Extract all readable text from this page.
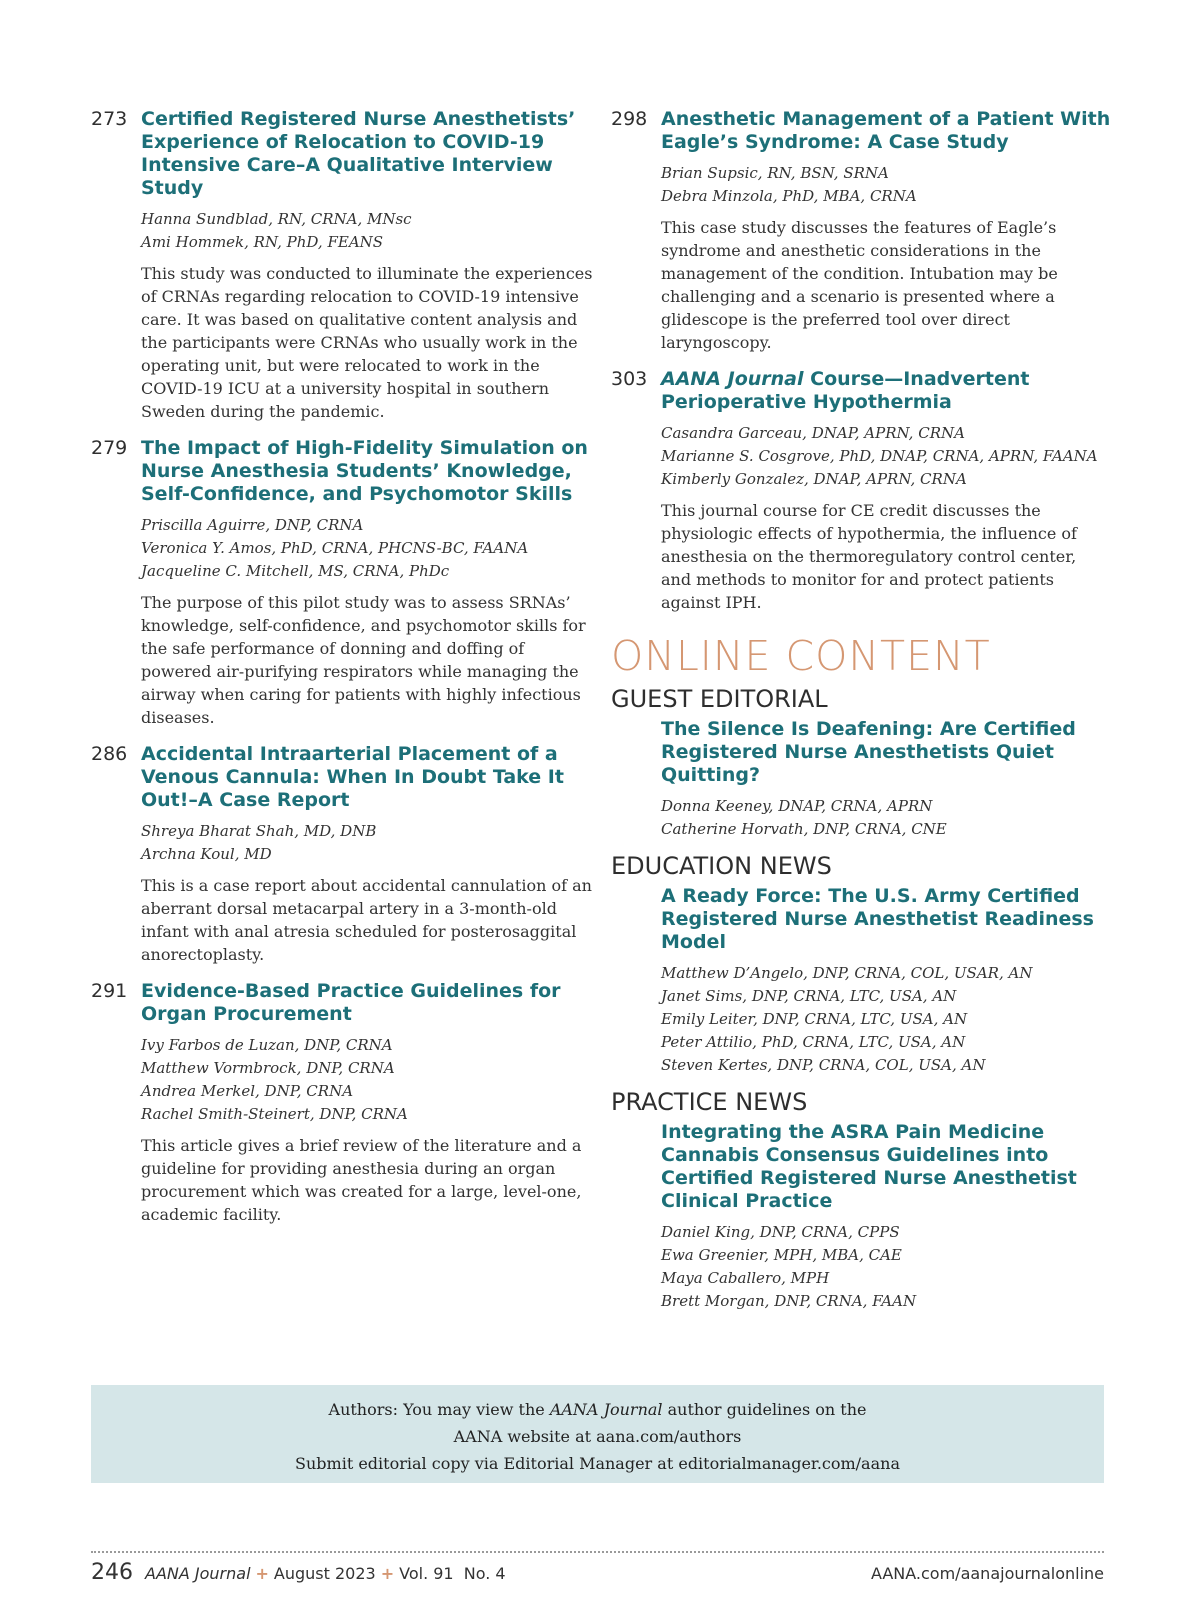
273 Certified Registered Nurse Anesthetists’ Experience of Relocation to COVID-19 Intensive Care–A Qualitative Interview Study

Hanna Sundblad, RN, CRNA, MNsc
Ami Hommek, RN, PhD, FEANS

This study was conducted to illuminate the experiences of CRNAs regarding relocation to COVID-19 intensive care. It was based on qualitative content analysis and the participants were CRNAs who usually work in the operating unit, but were relocated to work in the COVID-19 ICU at a university hospital in southern Sweden during the pandemic.

279 The Impact of High-Fidelity Simulation on Nurse Anesthesia Students’ Knowledge, Self-Confidence, and Psychomotor Skills

Priscilla Aguirre, DNP, CRNA
Veronica Y. Amos, PhD, CRNA, PHCNS-BC, FAANA
Jacqueline C. Mitchell, MS, CRNA, PhDc

The purpose of this pilot study was to assess SRNAs’ knowledge, self-confidence, and psychomotor skills for the safe performance of donning and doffing of powered air-purifying respirators while managing the airway when caring for patients with highly infectious diseases.

286 Accidental Intraarterial Placement of a Venous Cannula: When In Doubt Take It Out!–A Case Report

Shreya Bharat Shah, MD, DNB
Archna Koul, MD

This is a case report about accidental cannulation of an aberrant dorsal metacarpal artery in a 3-month-old infant with anal atresia scheduled for posterosaggital anorectoplasty.

291 Evidence-Based Practice Guidelines for Organ Procurement

Ivy Farbos de Luzan, DNP, CRNA
Matthew Vormbrock, DNP, CRNA
Andrea Merkel, DNP, CRNA
Rachel Smith-Steinert, DNP, CRNA

This article gives a brief review of the literature and a guideline for providing anesthesia during an organ procurement which was created for a large, level-one, academic facility.

298 Anesthetic Management of a Patient With Eagle’s Syndrome: A Case Study

Brian Supsic, RN, BSN, SRNA
Debra Minzola, PhD, MBA, CRNA

This case study discusses the features of Eagle’s syndrome and anesthetic considerations in the management of the condition. Intubation may be challenging and a scenario is presented where a glidescope is the preferred tool over direct laryngoscopy.

303 AANA Journal Course—Inadvertent Perioperative Hypothermia

Casandra Garceau, DNAP, APRN, CRNA
Marianne S. Cosgrove, PhD, DNAP, CRNA, APRN, FAANA
Kimberly Gonzalez, DNAP, APRN, CRNA

This journal course for CE credit discusses the physiologic effects of hypothermia, the influence of anesthesia on the thermoregulatory control center, and methods to monitor for and protect patients against IPH.

ONLINE CONTENT
GUEST EDITORIAL

The Silence Is Deafening: Are Certified Registered Nurse Anesthetists Quiet Quitting?

Donna Keeney, DNAP, CRNA, APRN
Catherine Horvath, DNP, CRNA, CNE
EDUCATION NEWS

A Ready Force: The U.S. Army Certified Registered Nurse Anesthetist Readiness Model

Matthew D’Angelo, DNP, CRNA, COL, USAR, AN
Janet Sims, DNP, CRNA, LTC, USA, AN
Emily Leiter, DNP, CRNA, LTC, USA, AN
Peter Attilio, PhD, CRNA, LTC, USA, AN
Steven Kertes, DNP, CRNA, COL, USA, AN
PRACTICE NEWS

Integrating the ASRA Pain Medicine Cannabis Consensus Guidelines into Certified Registered Nurse Anesthetist Clinical Practice

Daniel King, DNP, CRNA, CPPS
Ewa Greenier, MPH, MBA, CAE
Maya Caballero, MPH
Brett Morgan, DNP, CRNA, FAAN
Authors: You may view the AANA Journal author guidelines on the
AANA website at aana.com/authors
Submit editorial copy via Editorial Manager at editorialmanager.com/aana
246 AANA Journal + August 2023 + Vol. 91
No. 4	AANA.com/aanajournalonline
